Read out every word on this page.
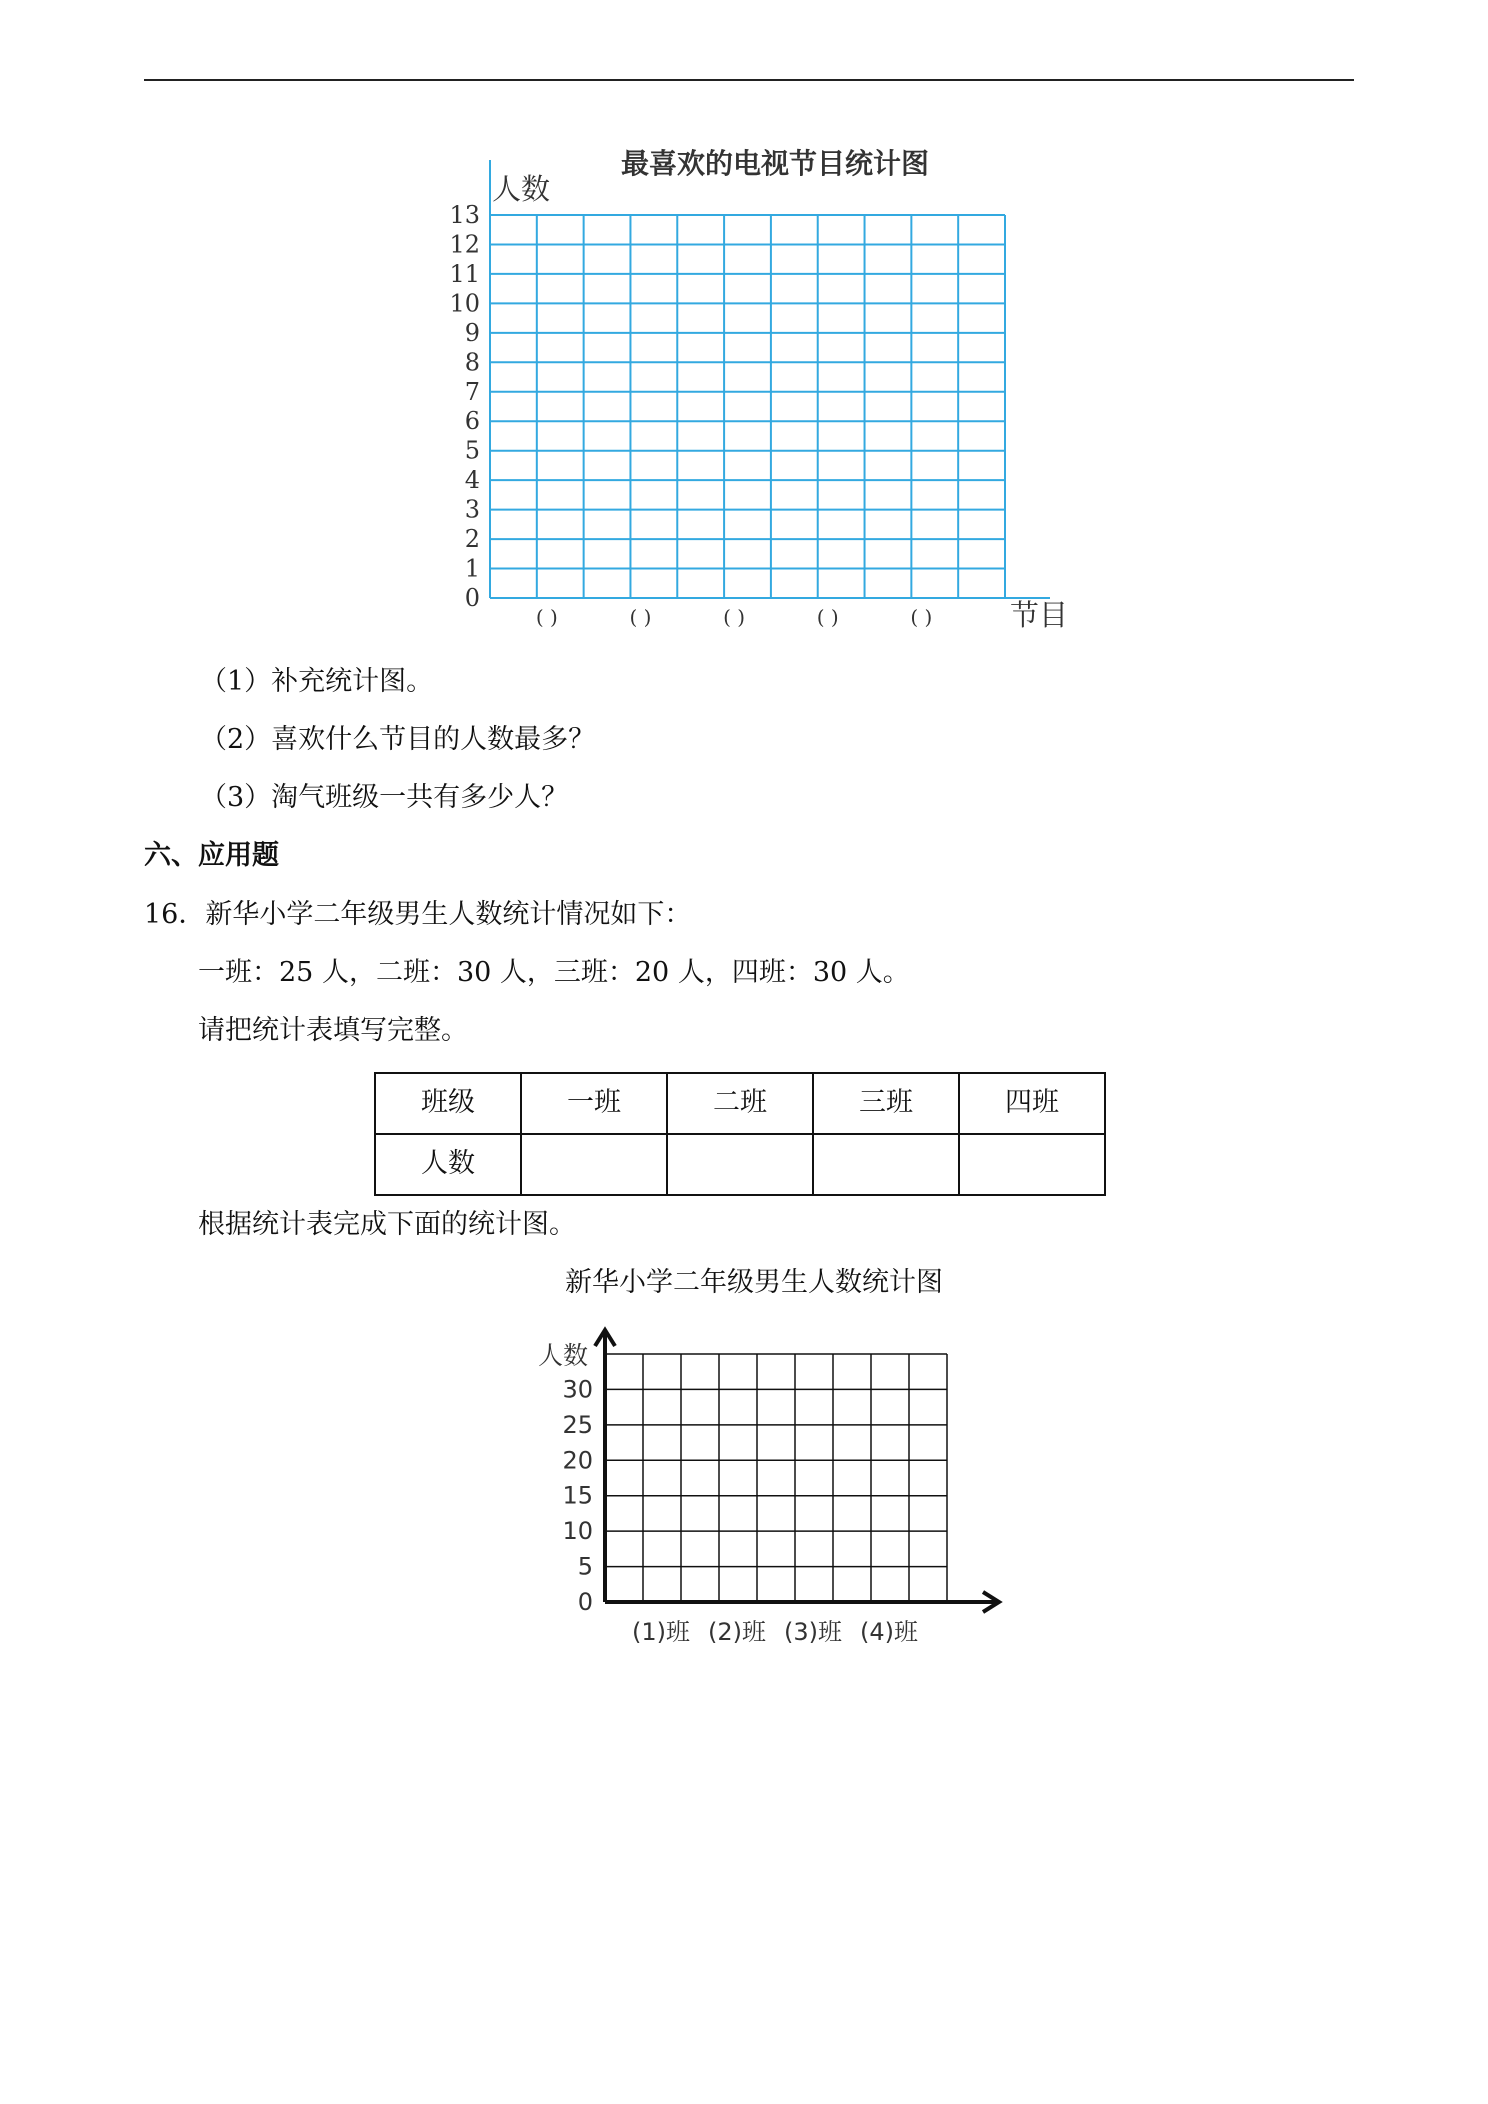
最喜欢的电视节目统计图
人数
节目
0
1
2
3
4
5
6
7
8
9
10
11
12
13
( )	( )	( )	( )	( )
（1）补充统计图。
（2）喜欢什么节目的人数最多？
（3）淘气班级一共有多少人？
六、应用题
16．新华小学二年级男生人数统计情况如下：
一班：25 人，二班：30 人，三班：20 人，四班：30 人。
请把统计表填写完整。
班级	一班	二班	三班	四班
人数				
根据统计表完成下面的统计图。
新华小学二年级男生人数统计图
人数
0
5
10
15
20
25
30
(1)班 (2)班 (3)班 (4)班
